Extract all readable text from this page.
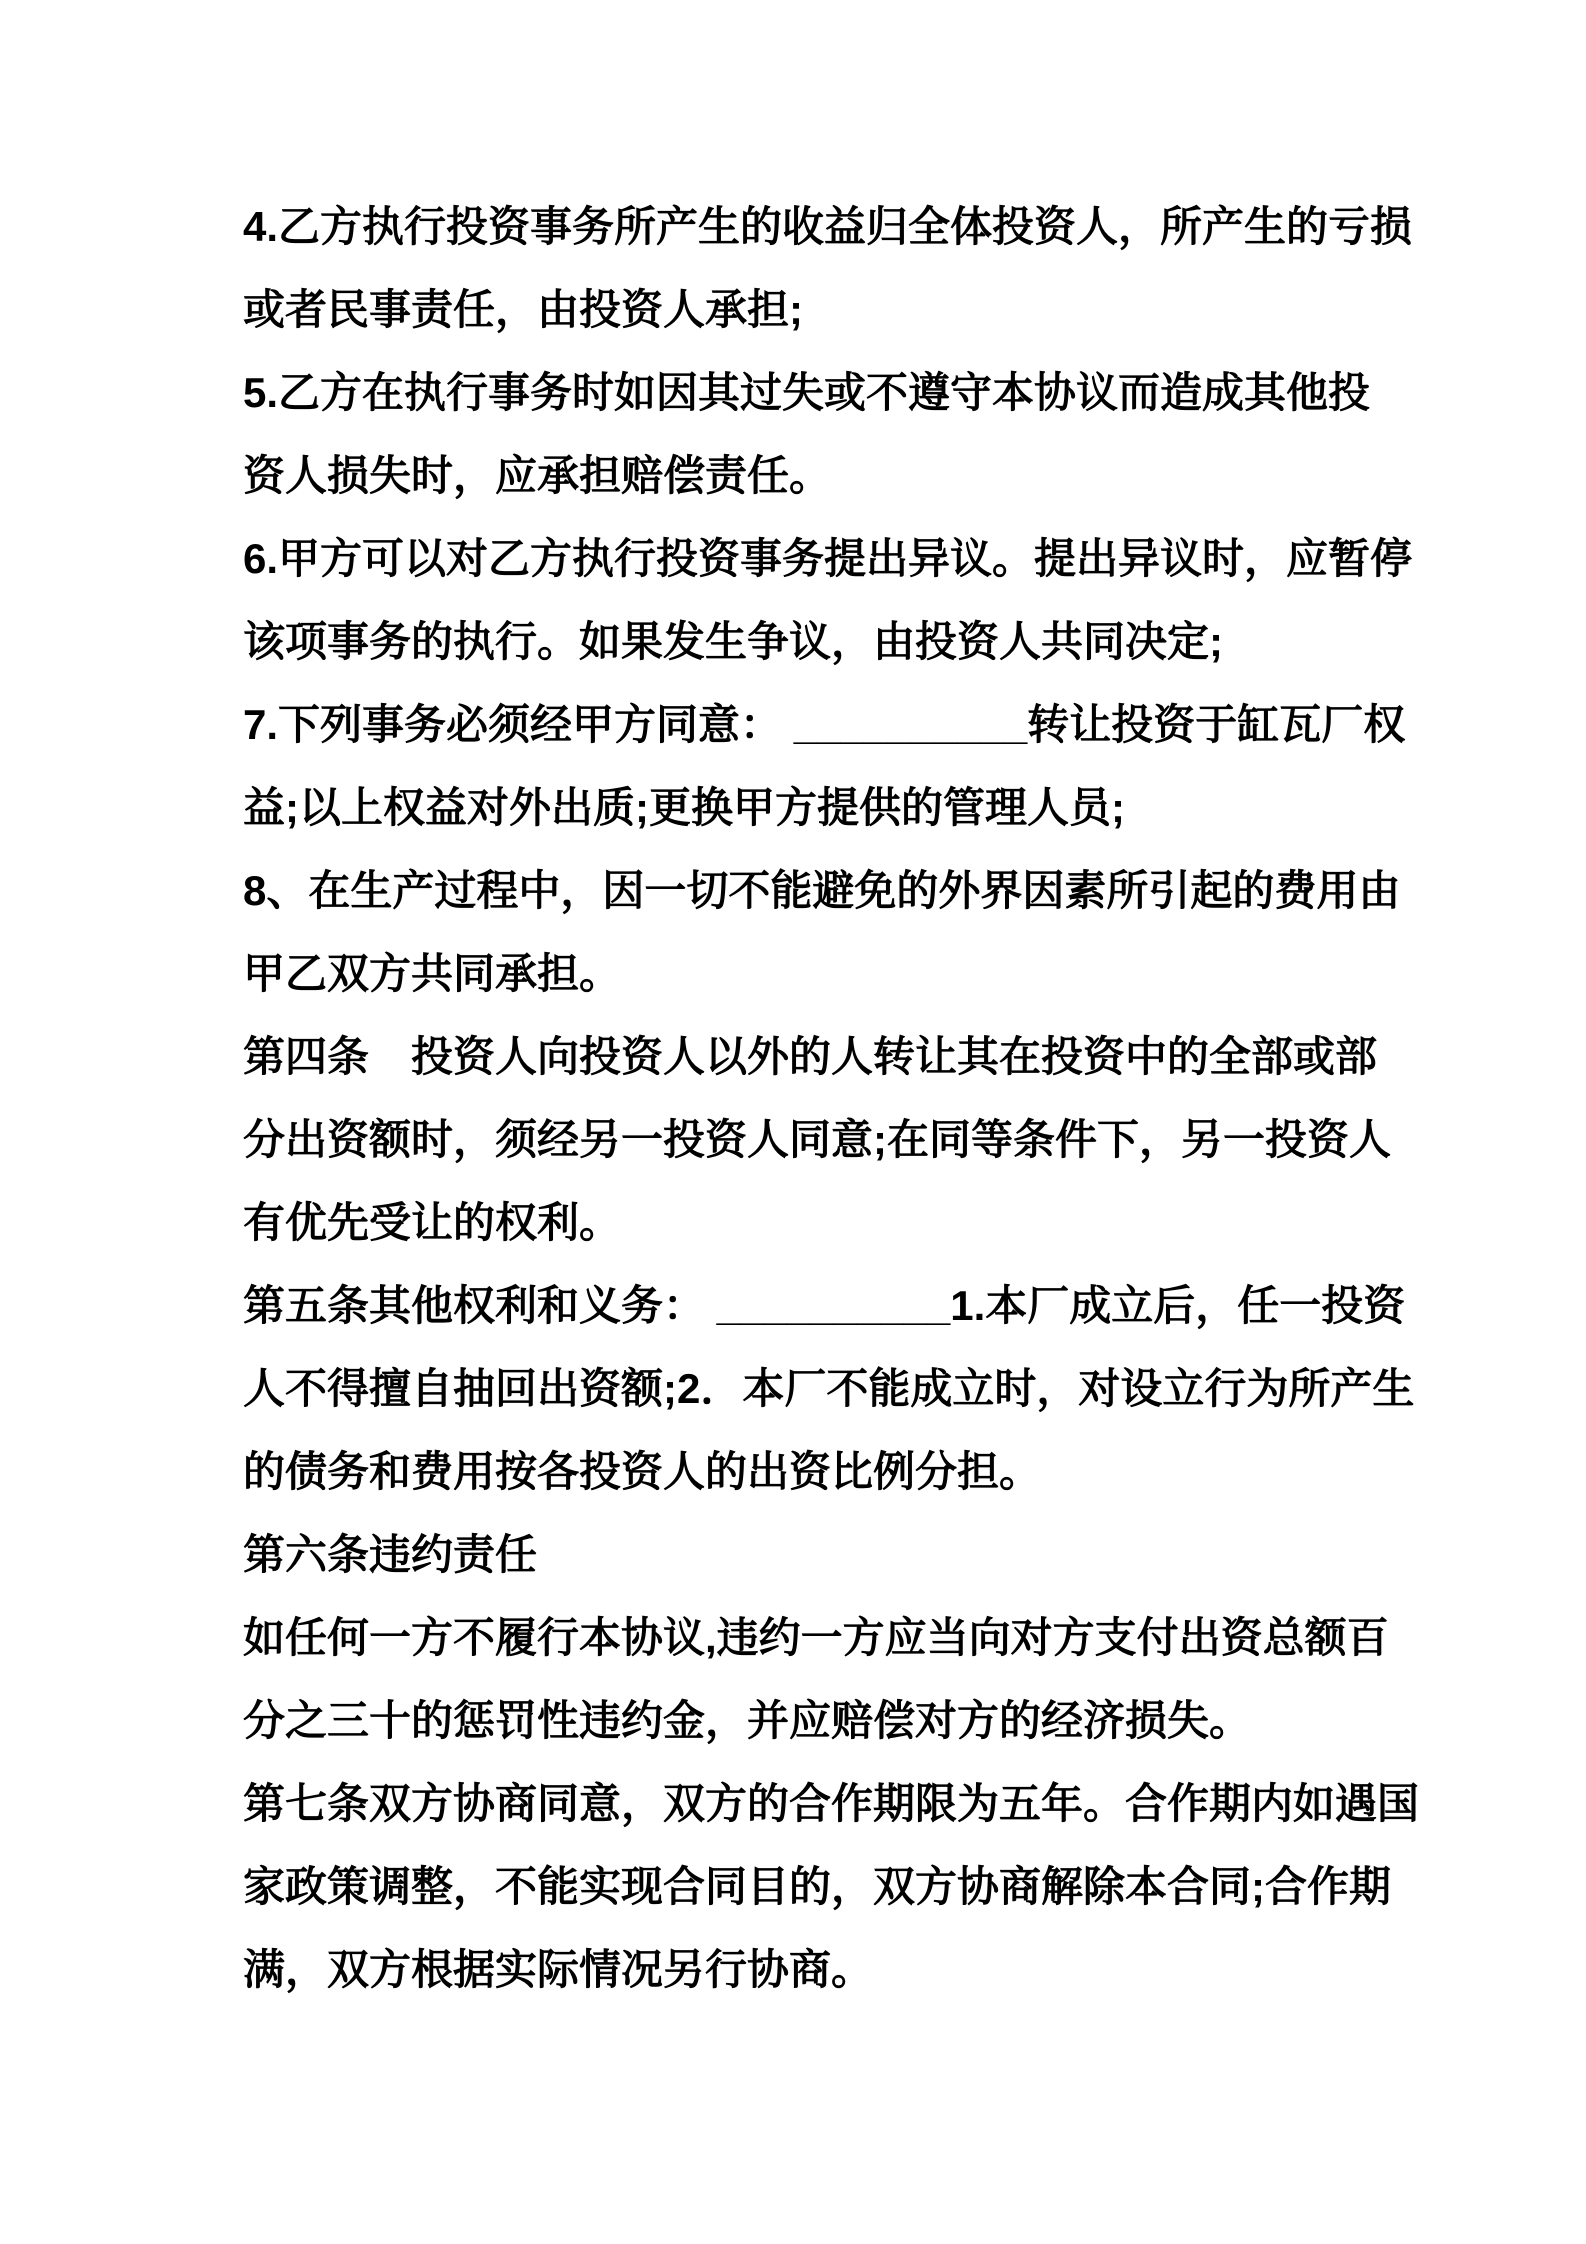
4.乙方执行投资事务所产生的收益归全体投资人，所产生的亏损
或者民事责任，由投资人承担;
5.乙方在执行事务时如因其过失或不遵守本协议而造成其他投
资人损失时，应承担赔偿责任。
6.甲方可以对乙方执行投资事务提出异议。提出异议时，应暂停
该项事务的执行。如果发生争议，由投资人共同决定;
7.下列事务必须经甲方同意： __________转让投资于缸瓦厂权
益;以上权益对外出质;更换甲方提供的管理人员;
8、在生产过程中，因一切不能避免的外界因素所引起的费用由
甲乙双方共同承担。
第四条　投资人向投资人以外的人转让其在投资中的全部或部
分出资额时，须经另一投资人同意;在同等条件下，另一投资人
有优先受让的权利。
第五条其他权利和义务： __________1.本厂成立后，任一投资
人不得擅自抽回出资额;2．本厂不能成立时，对设立行为所产生
的债务和费用按各投资人的出资比例分担。
第六条违约责任
如任何一方不履行本协议,违约一方应当向对方支付出资总额百
分之三十的惩罚性违约金，并应赔偿对方的经济损失。
第七条双方协商同意，双方的合作期限为五年。合作期内如遇国
家政策调整，不能实现合同目的，双方协商解除本合同;合作期
满，双方根据实际情况另行协商。
